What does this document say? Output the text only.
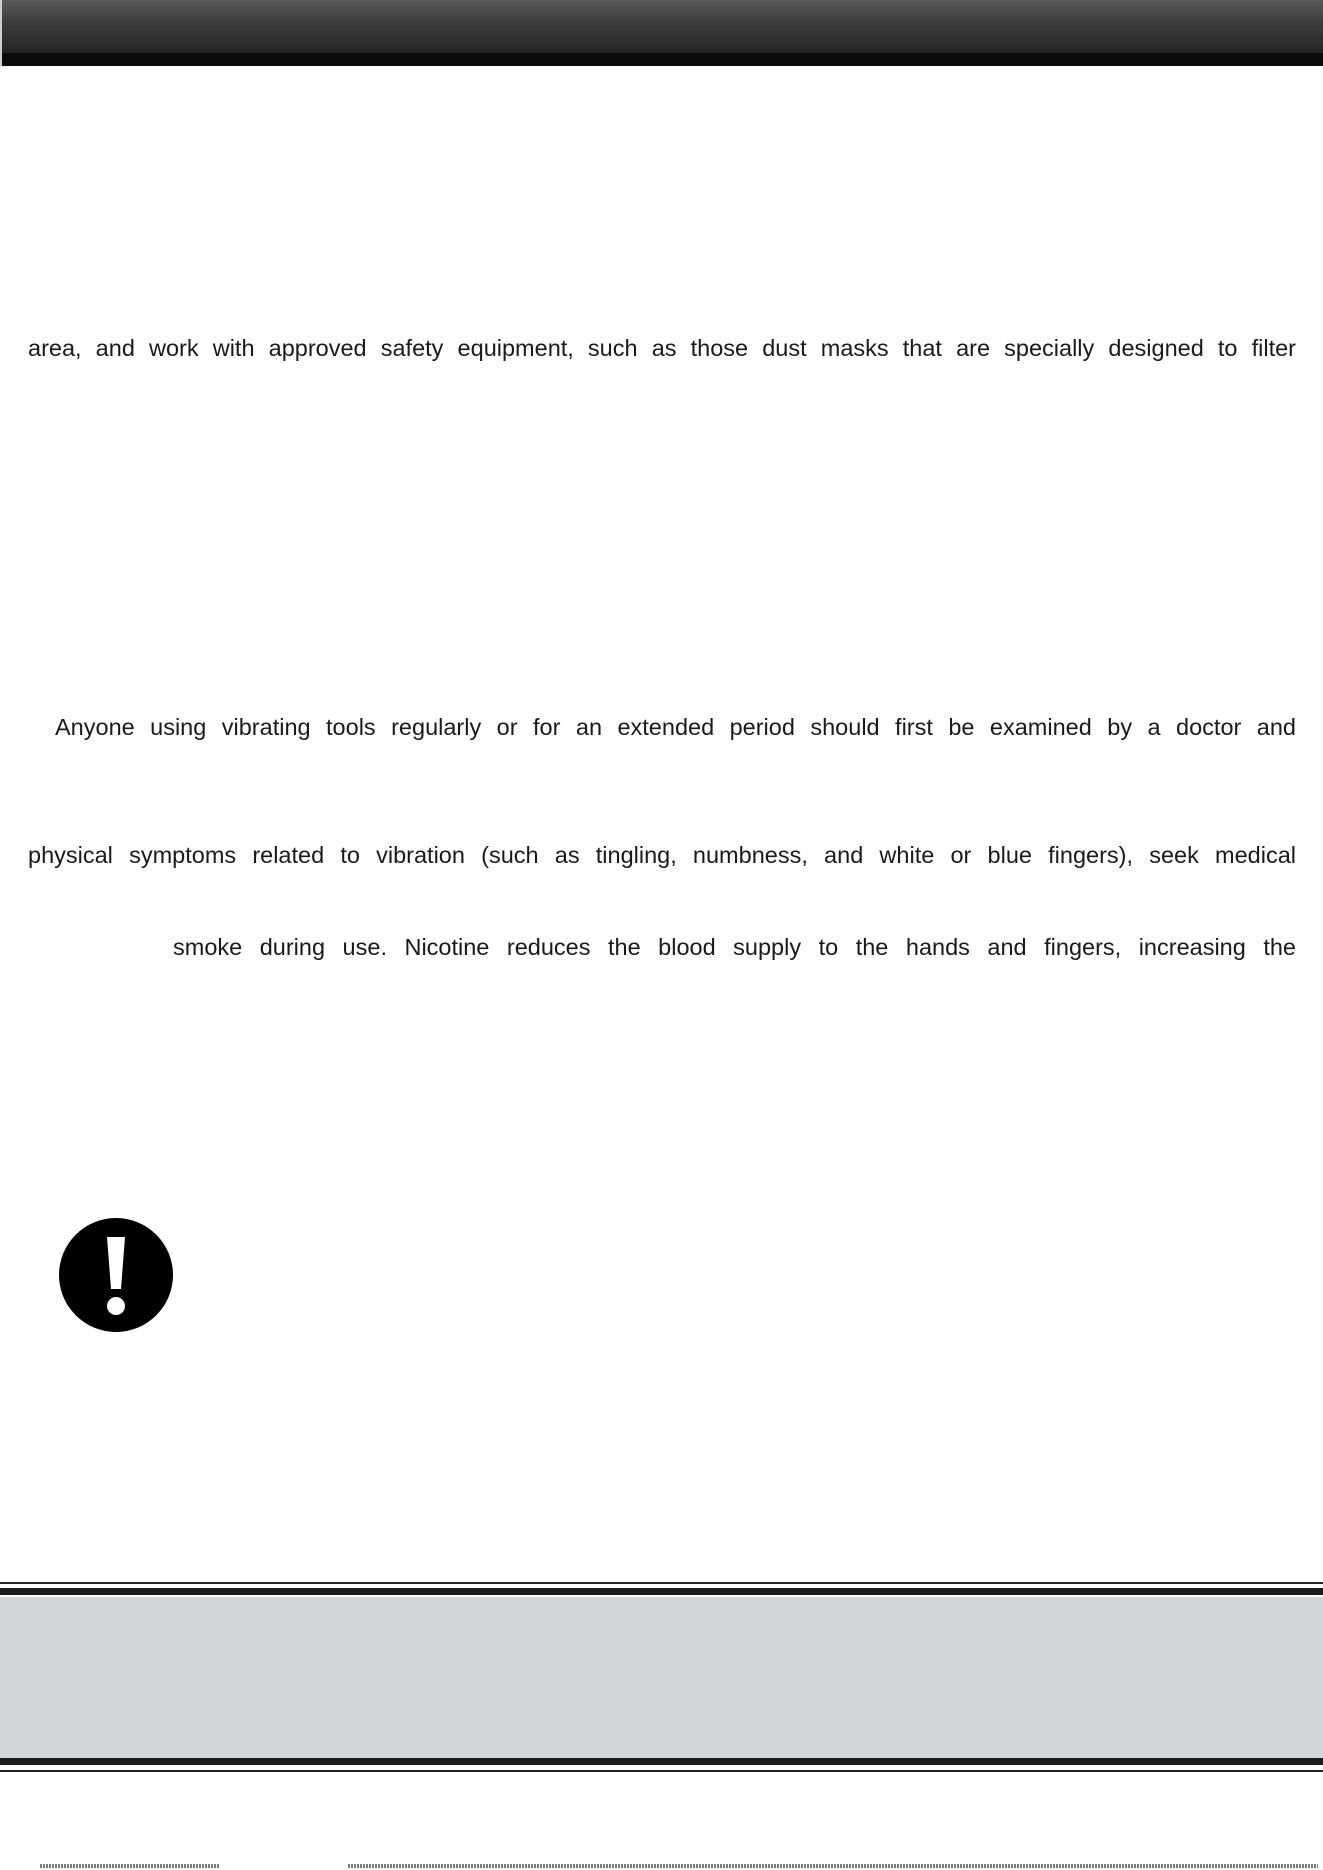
area, and work with approved safety equipment, such as those dust masks that are specially designed to filter

Anyone using vibrating tools regularly or for an extended period should first be examined by a doctor and

physical symptoms related to vibration (such as tingling, numbness, and white or blue fingers), seek medical

smoke during use. Nicotine reduces the blood supply to the hands and fingers, increasing the
